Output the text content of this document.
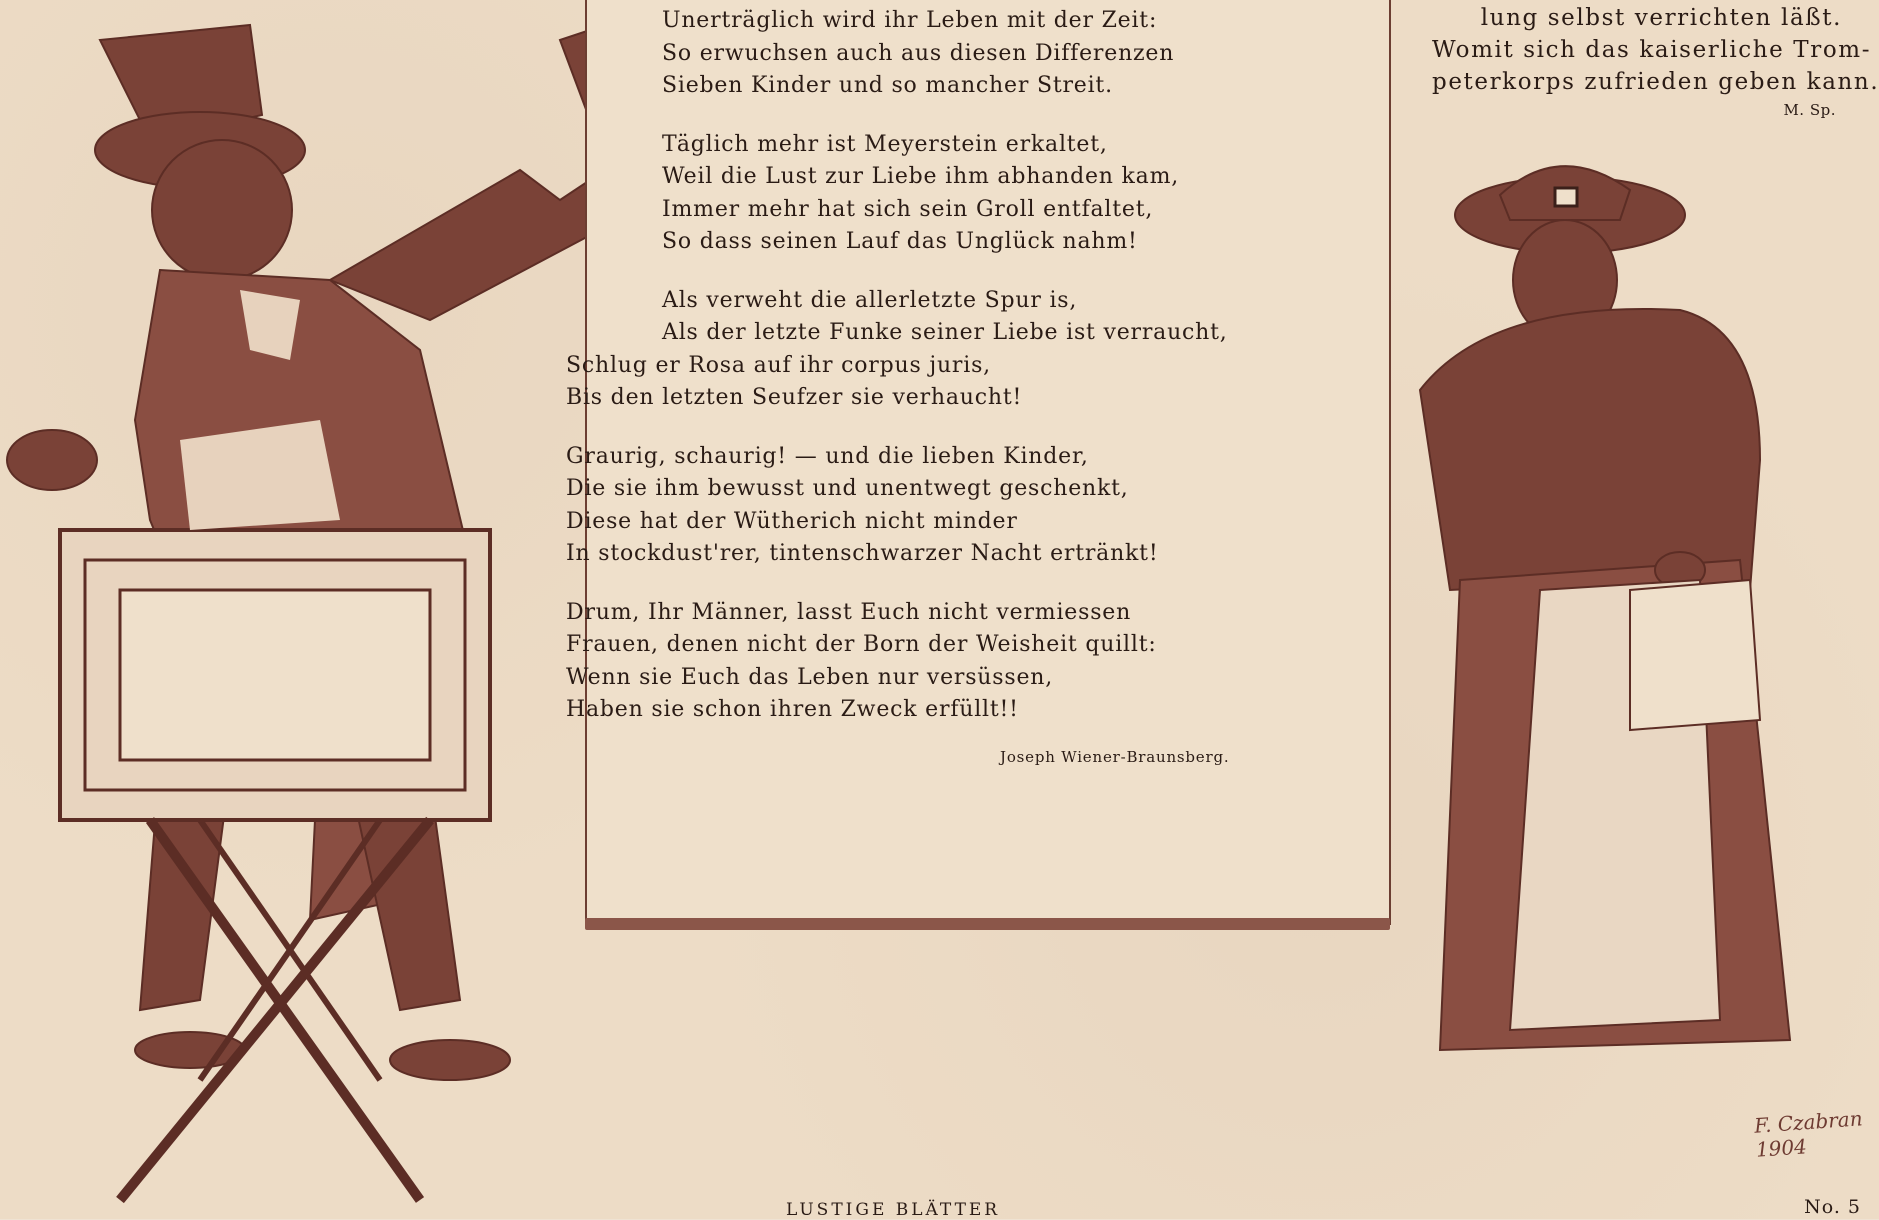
Unerträglich wird ihr Leben mit der Zeit:
So erwuchsen auch aus diesen Differenzen
Sieben Kinder und so mancher Streit.
Täglich mehr ist Meyerstein erkaltet,
Weil die Lust zur Liebe ihm abhanden kam,
Immer mehr hat sich sein Groll entfaltet,
So dass seinen Lauf das Unglück nahm!
Als verweht die allerletzte Spur is,
Als der letzte Funke seiner Liebe ist verraucht,
Schlug er Rosa auf ihr corpus juris,
Bis den letzten Seufzer sie verhaucht!
Graurig, schaurig! — und die lieben Kinder,
Die sie ihm bewusst und unentwegt geschenkt,
Diese hat der Wütherich nicht minder
In stockdust'rer, tintenschwarzer Nacht ertränkt!
Drum, Ihr Männer, lasst Euch nicht vermiessen
Frauen, denen nicht der Born der Weisheit quillt:
Wenn sie Euch das Leben nur versüssen,
Haben sie schon ihren Zweck erfüllt!!
Joseph Wiener-Braunsberg.
lung selbst verrichten läßt.
Womit sich das kaiserliche Trom-
peterkorps zufrieden geben kann.
M. Sp.
F. Czabran
1904
LUSTIGE BLÄTTER	No. 5
